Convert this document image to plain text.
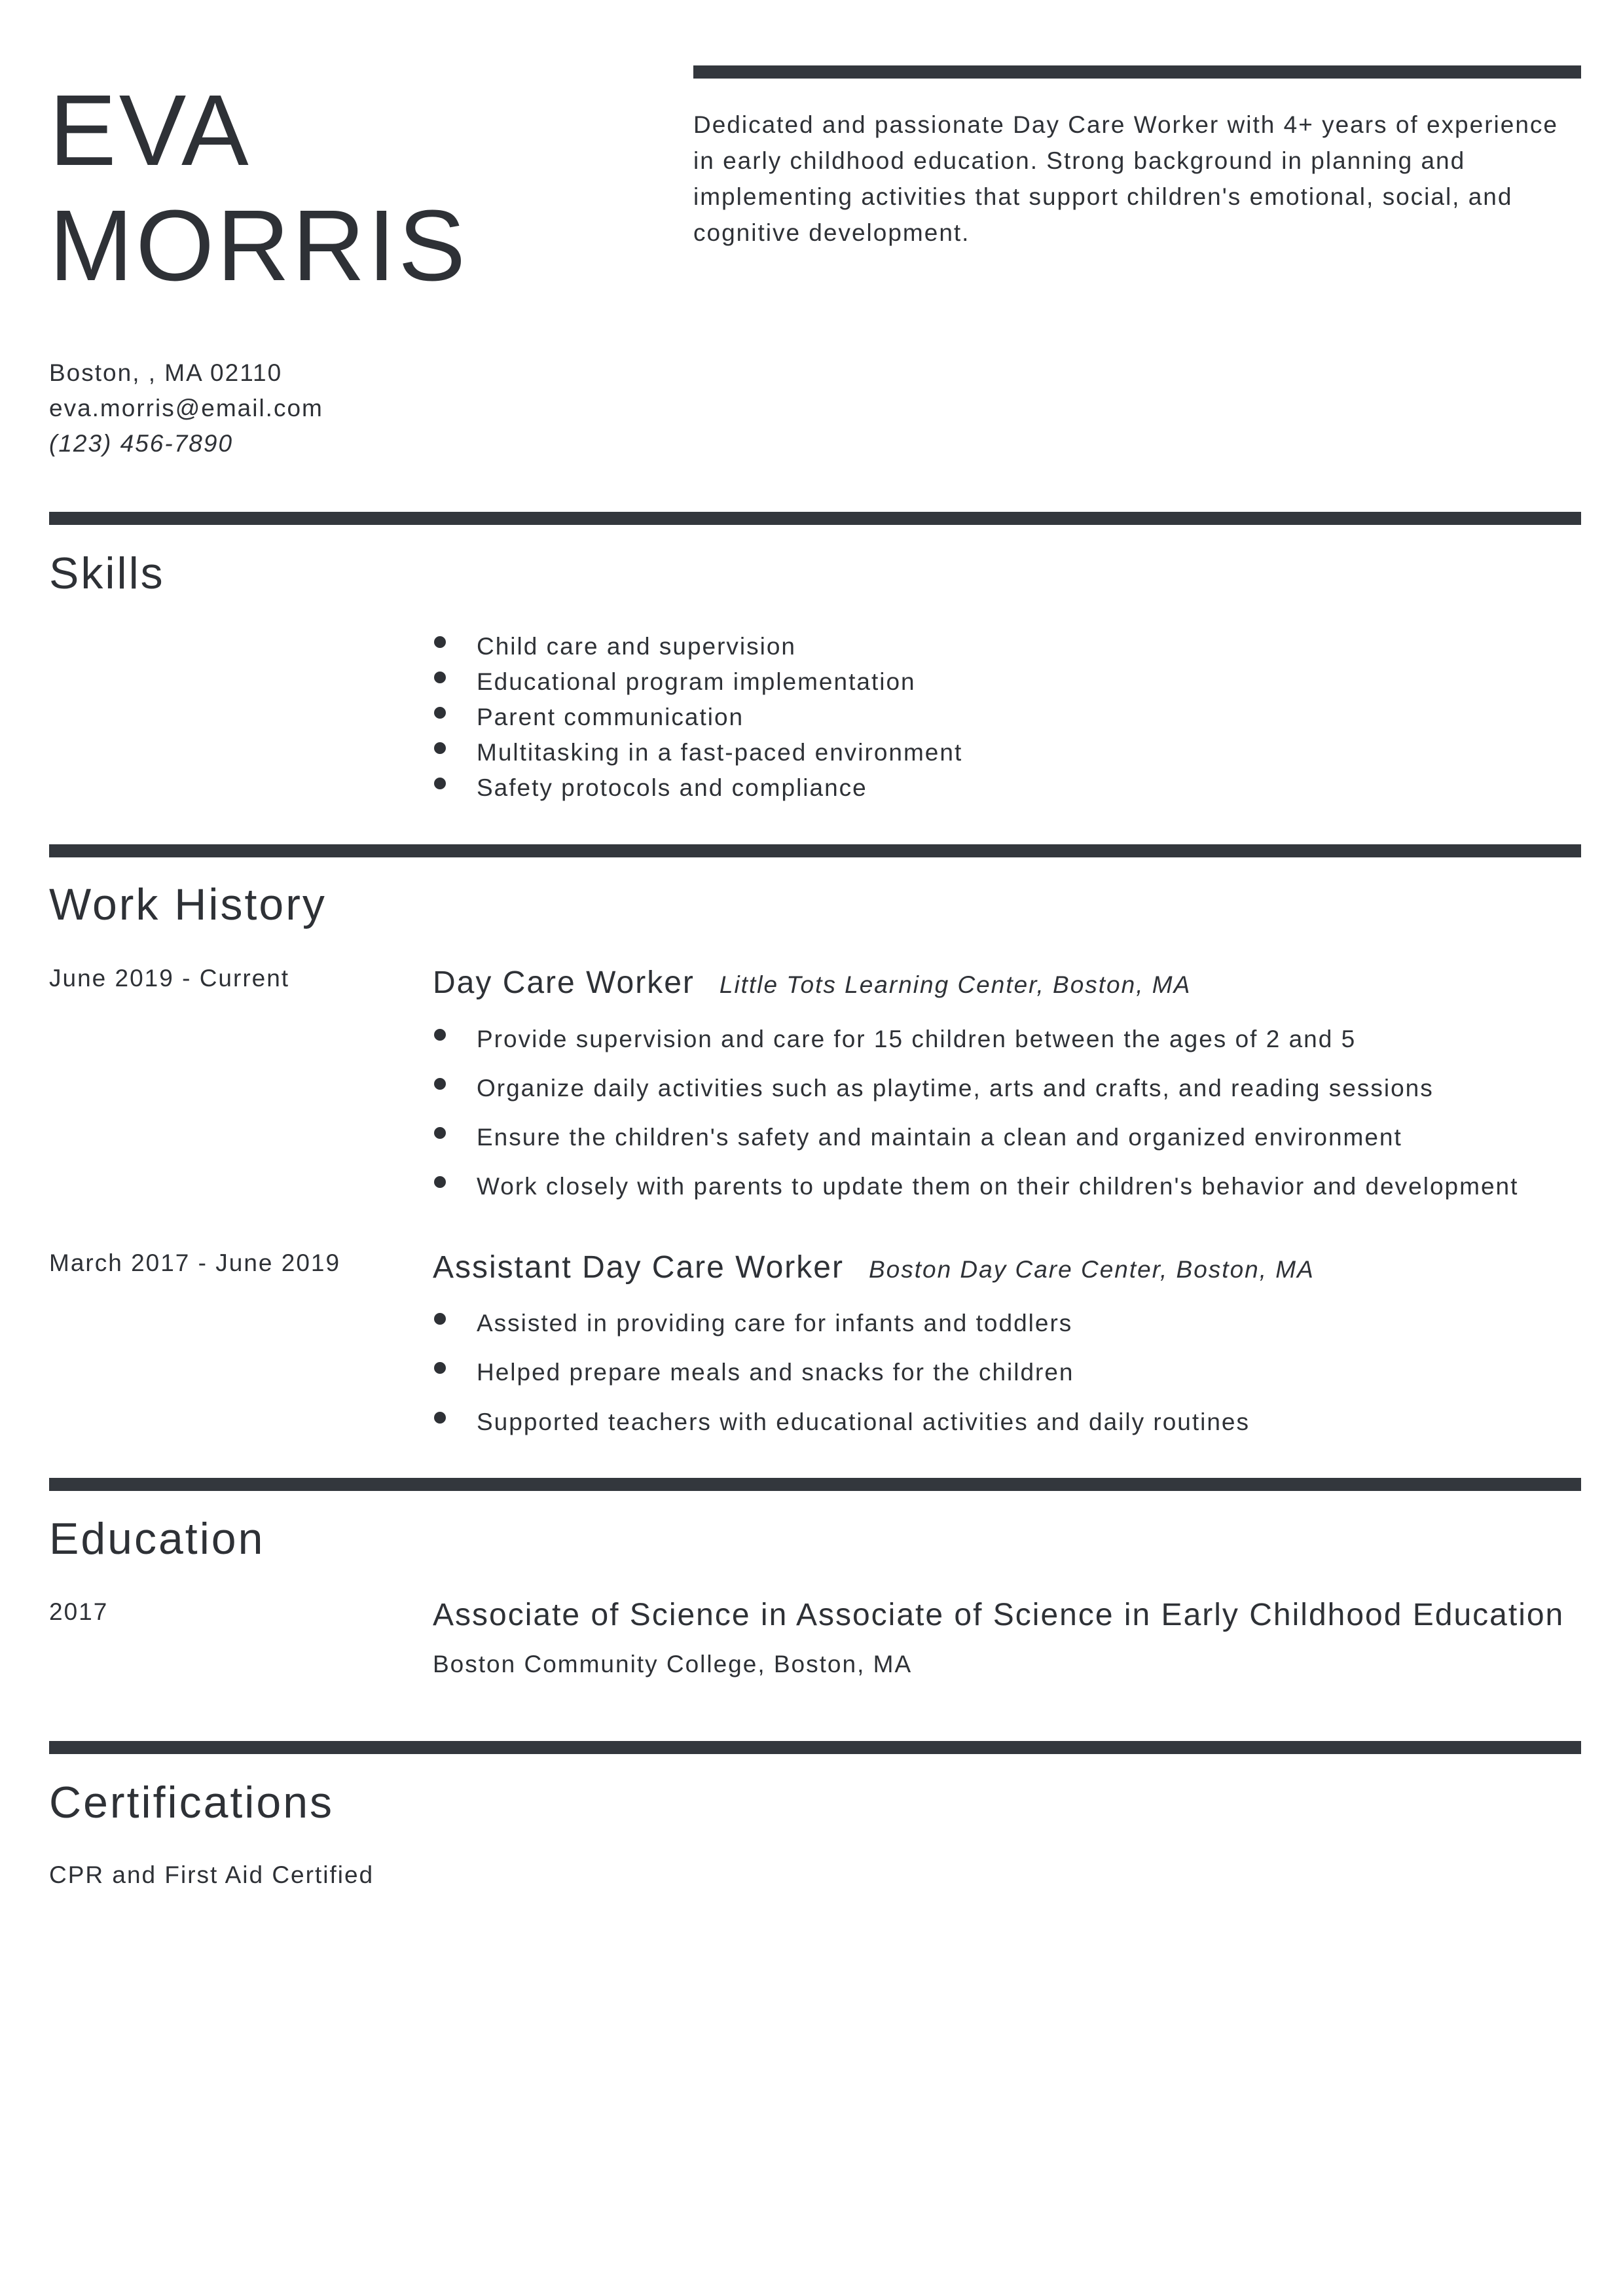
EVA
MORRIS
Dedicated and passionate Day Care Worker with 4+ years of experience in early childhood education. Strong background in planning and implementing activities that support children's emotional, social, and cognitive development.
Boston, , MA 02110
eva.morris@email.com
(123) 456-7890
Skills
Child care and supervision
Educational program implementation
Parent communication
Multitasking in a fast-paced environment
Safety protocols and compliance
Work History
June 2019 - Current	Day Care Worker Little Tots Learning Center, Boston, MA
Provide supervision and care for 15 children between the ages of 2 and 5
Organize daily activities such as playtime, arts and crafts, and reading sessions
Ensure the children's safety and maintain a clean and organized environment
Work closely with parents to update them on their children's behavior and development
March 2017 - June 2019	Assistant Day Care Worker Boston Day Care Center, Boston, MA
Assisted in providing care for infants and toddlers
Helped prepare meals and snacks for the children
Supported teachers with educational activities and daily routines
Education
2017	Associate of Science in Associate of Science in Early Childhood Education
Boston Community College, Boston, MA
Certifications
CPR and First Aid Certified
